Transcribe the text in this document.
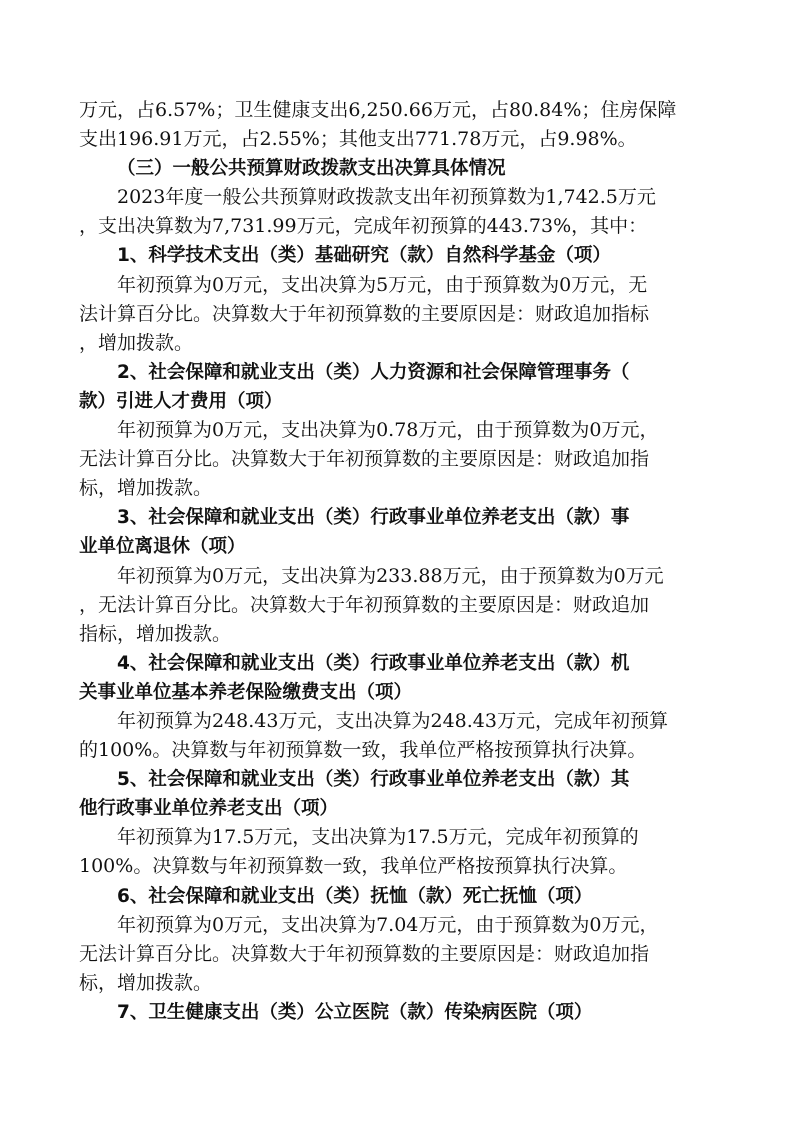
万元，占6.57%；卫生健康支出6,250.66万元，占80.84%；住房保障
支出196.91万元，占2.55%；其他支出771.78万元，占9.98%。
（三）一般公共预算财政拨款支出决算具体情况
2023年度一般公共预算财政拨款支出年初预算数为1,742.5万元
，支出决算数为7,731.99万元，完成年初预算的443.73%，其中：
1、科学技术支出（类）基础研究（款）自然科学基金（项）
年初预算为0万元，支出决算为5万元，由于预算数为0万元，无
法计算百分比。决算数大于年初预算数的主要原因是：财政追加指标
，增加拨款。
2、社会保障和就业支出（类）人力资源和社会保障管理事务（
款）引进人才费用（项）
年初预算为0万元，支出决算为0.78万元，由于预算数为0万元，
无法计算百分比。决算数大于年初预算数的主要原因是：财政追加指
标，增加拨款。
3、社会保障和就业支出（类）行政事业单位养老支出（款）事
业单位离退休（项）
年初预算为0万元，支出决算为233.88万元，由于预算数为0万元
，无法计算百分比。决算数大于年初预算数的主要原因是：财政追加
指标，增加拨款。
4、社会保障和就业支出（类）行政事业单位养老支出（款）机
关事业单位基本养老保险缴费支出（项）
年初预算为248.43万元，支出决算为248.43万元，完成年初预算
的100%。决算数与年初预算数一致，我单位严格按预算执行决算。
5、社会保障和就业支出（类）行政事业单位养老支出（款）其
他行政事业单位养老支出（项）
年初预算为17.5万元，支出决算为17.5万元，完成年初预算的
100%。决算数与年初预算数一致，我单位严格按预算执行决算。
6、社会保障和就业支出（类）抚恤（款）死亡抚恤（项）
年初预算为0万元，支出决算为7.04万元，由于预算数为0万元，
无法计算百分比。决算数大于年初预算数的主要原因是：财政追加指
标，增加拨款。
7、卫生健康支出（类）公立医院（款）传染病医院（项）
